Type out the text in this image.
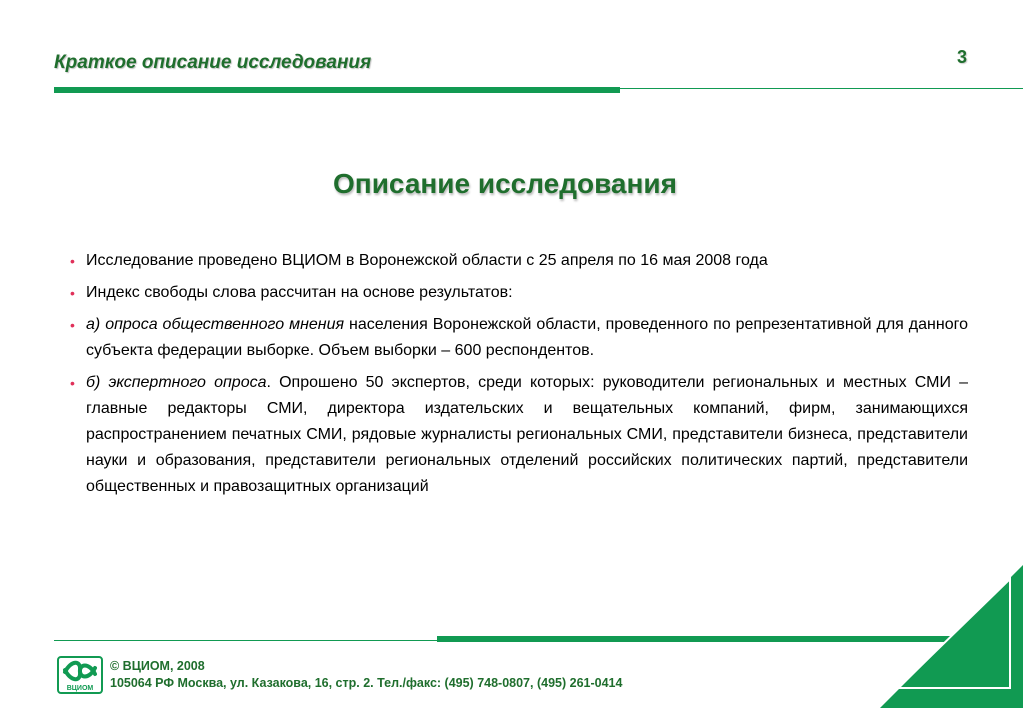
Краткое описание исследования	3
Описание исследования
• Исследование проведено ВЦИОМ в Воронежской области с 25 апреля по 16 мая 2008 года
• Индекс свободы слова рассчитан на основе результатов:
• а) опроса общественного мнения населения Воронежской области, проведенного по репрезентативной для данного субъекта федерации выборке. Объем выборки – 600 респондентов.
• б) экспертного опроса. Опрошено 50 экспертов, среди которых: руководители региональных и местных СМИ – главные редакторы СМИ, директора издательских и вещательных компаний, фирм, занимающихся распространением печатных СМИ, рядовые журналисты региональных СМИ, представители бизнеса, представители науки и образования, представители региональных отделений российских политических партий, представители общественных и правозащитных организаций
ВЦИОМ
© ВЦИОМ, 2008
105064 РФ Москва, ул. Казакова, 16, стр. 2. Тел./факс: (495) 748-0807, (495) 261-0414
